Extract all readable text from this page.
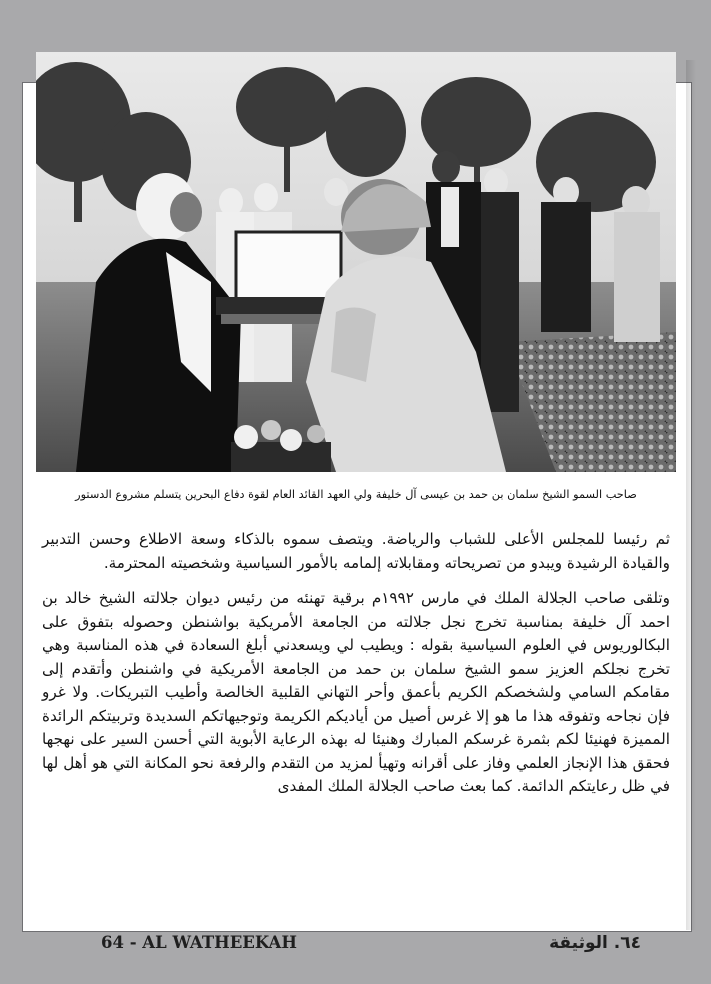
صاحب السمو الشيخ سلمان بن حمد بن عيسى آل خليفة ولي العهد القائد العام لقوة دفاع البحرين يتسلم مشروع الدستور

ثم رئيسا للمجلس الأعلى للشباب والرياضة. ويتصف سموه بالذكاء وسعة الاطلاع وحسن التدبير والقيادة الرشيدة ويبدو من تصريحاته ومقابلاته إلمامه بالأمور السياسية وشخصيته المحترمة.

وتلقى صاحب الجلالة الملك في مارس ١٩٩٢م برقية تهنئه من رئيس ديوان جلالته الشيخ خالد بن احمد آل خليفة بمناسبة تخرج نجل جلالته من الجامعة الأمريكية بواشنطن وحصوله بتفوق على البكالوريوس في العلوم السياسية بقوله : ويطيب لي ويسعدني أبلغ السعادة في هذه المناسبة وهي تخرج نجلكم العزيز سمو الشيخ سلمان بن حمد من الجامعة الأمريكية في واشنطن وأتقدم إلى مقامكم السامي ولشخصكم الكريم بأعمق وأحر التهاني القلبية الخالصة وأطيب التبريكات. ولا غرو فإن نجاحه وتفوقه هذا ما هو إلا غرس أصيل من أياديكم الكريمة وتوجيهاتكم السديدة وتربيتكم الرائدة المميزة فهنيئا لكم بثمرة غرسكم المبارك وهنيئا له بهذه الرعاية الأبوية التي أحسن السير على نهجها فحقق هذا الإنجاز العلمي وفاز على أقرانه وتهيأ لمزيد من التقدم والرفعة نحو المكانة التي هو أهل لها في ظل رعايتكم الدائمة. كما بعث صاحب الجلالة الملك المفدى

64 - AL WATHEEKAH	٦٤. الوثيقة
